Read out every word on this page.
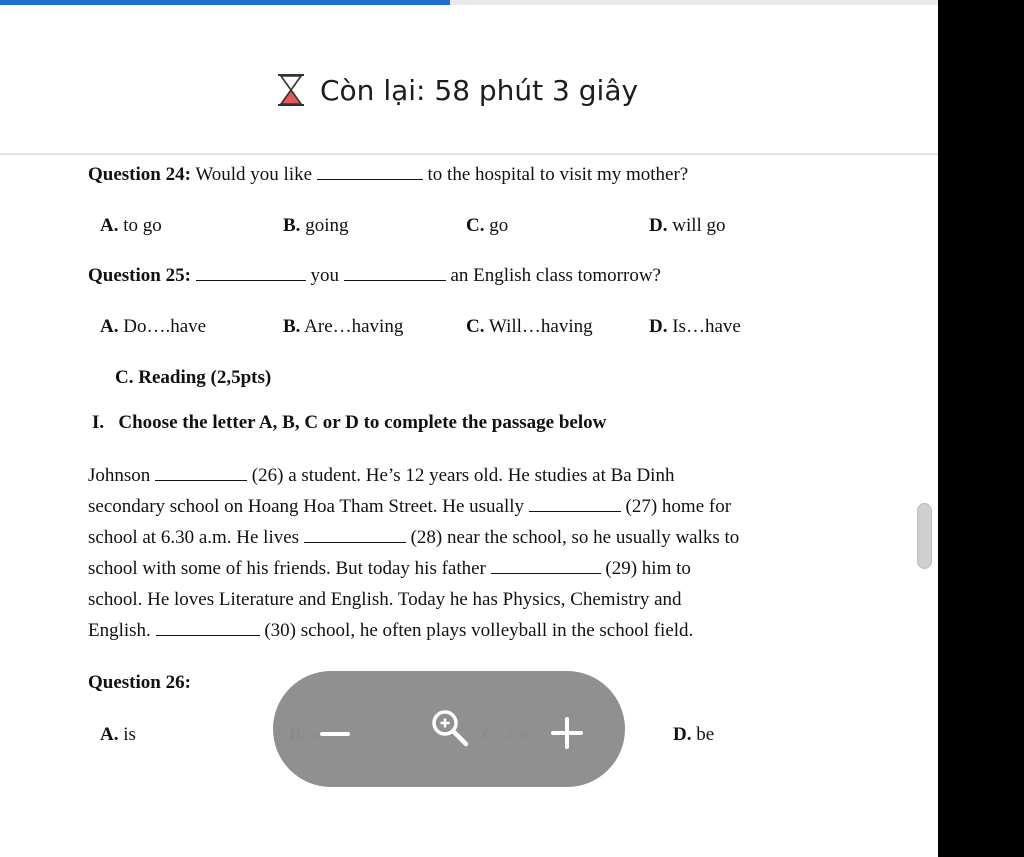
Còn lại: 58 phút 3 giây
Question 24: Would you like	to the hospital to visit my mother?
A. to go	B. going	C. go	D. will go
Question 25:	you	an English class tomorrow?
A. Do….have	B. Are…having	C. Will…having	D. Is…have
C. Reading (2,5pts)
I.   Choose the letter A, B, C or D to complete the passage below
Johnson	(26) a student. He’s 12 years old. He studies at Ba Dinh
secondary school on Hoang Hoa Tham Street. He usually	(27) home for
school at 6.30 a.m. He lives	(28) near the school, so he usually walks to
school with some of his friends. But today his father	(29) him to
school. He loves Literature and English. Today he has Physics, Chemistry and
English.	(30) school, he often plays volleyball in the school field.
Question 26:
A. is	D. be
